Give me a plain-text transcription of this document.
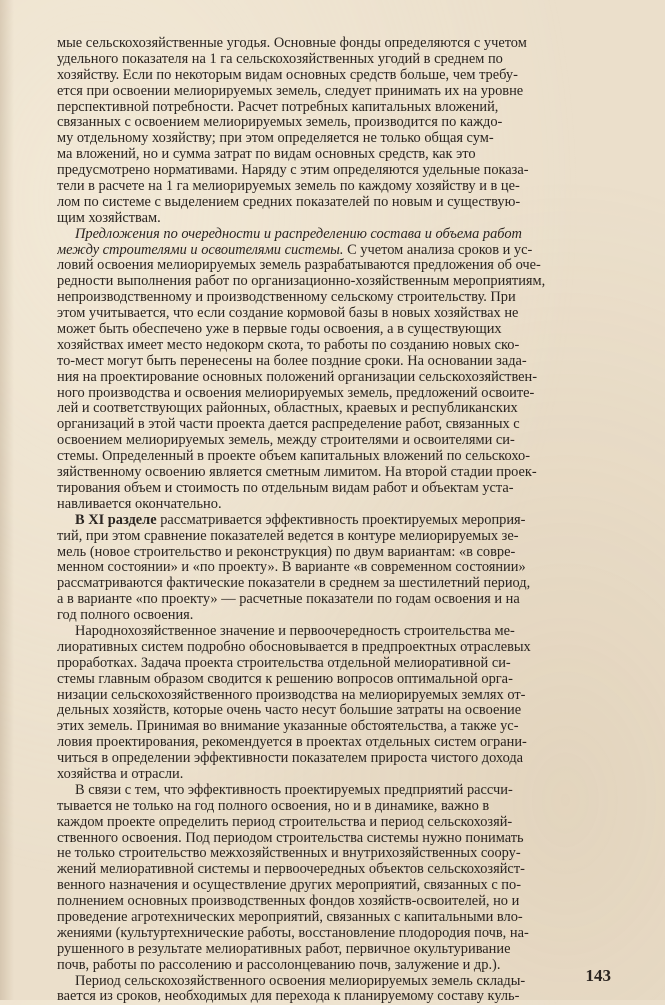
мые сельскохозяйственные угодья. Основные фонды определяются с учетом
удельного показателя на 1 га сельскохозяйственных угодий в среднем по
хозяйству. Если по некоторым видам основных средств больше, чем требу-
ется при освоении мелиорируемых земель, следует принимать их на уровне
перспективной потребности. Расчет потребных капитальных вложений,
связанных с освоением мелиорируемых земель, производится по каждо-
му отдельному хозяйству; при этом определяется не только общая сум-
ма вложений, но и сумма затрат по видам основных средств, как это
предусмотрено нормативами. Наряду с этим определяются удельные показа-
тели в расчете на 1 га мелиорируемых земель по каждому хозяйству и в це-
лом по системе с выделением средних показателей по новым и существую-
щим хозяйствам.
Предложения по очередности и распределению состава и объема работ
между строителями и освоителями системы. С учетом анализа сроков и ус-
ловий освоения мелиорируемых земель разрабатываются предложения об оче-
редности выполнения работ по организационно-хозяйственным мероприятиям,
непроизводственному и производственному сельскому строительству. При
этом учитывается, что если создание кормовой базы в новых хозяйствах не
может быть обеспечено уже в первые годы освоения, а в существующих
хозяйствах имеет место недокорм скота, то работы по созданию новых ско-
то-мест могут быть перенесены на более поздние сроки. На основании зада-
ния на проектирование основных положений организации сельскохозяйствен-
ного производства и освоения мелиорируемых земель, предложений освоите-
лей и соответствующих районных, областных, краевых и республиканских
организаций в этой части проекта дается распределение работ, связанных с
освоением мелиорируемых земель, между строителями и освоителями си-
стемы. Определенный в проекте объем капитальных вложений по сельскохо-
зяйственному освоению является сметным лимитом. На второй стадии проек-
тирования объем и стоимость по отдельным видам работ и объектам уста-
навливается окончательно.
В XI разделе рассматривается эффективность проектируемых мероприя-
тий, при этом сравнение показателей ведется в контуре мелиорируемых зе-
мель (новое строительство и реконструкция) по двум вариантам: «в совре-
менном состоянии» и «по проекту». В варианте «в современном состоянии»
рассматриваются фактические показатели в среднем за шестилетний период,
а в варианте «по проекту» — расчетные показатели по годам освоения и на
год полного освоения.
Народнохозяйственное значение и первоочередность строительства ме-
лиоративных систем подробно обосновывается в предпроектных отраслевых
проработках. Задача проекта строительства отдельной мелиоративной си-
стемы главным образом сводится к решению вопросов оптимальной орга-
низации сельскохозяйственного производства на мелиорируемых землях от-
дельных хозяйств, которые очень часто несут большие затраты на освоение
этих земель. Принимая во внимание указанные обстоятельства, а также ус-
ловия проектирования, рекомендуется в проектах отдельных систем ограни-
читься в определении эффективности показателем прироста чистого дохода
хозяйства и отрасли.
В связи с тем, что эффективность проектируемых предприятий рассчи-
тывается не только на год полного освоения, но и в динамике, важно в
каждом проекте определить период строительства и период сельскохозяй-
ственного освоения. Под периодом строительства системы нужно понимать
не только строительство межхозяйственных и внутрихозяйственных соору-
жений мелиоративной системы и первоочередных объектов сельскохозяйст-
венного назначения и осуществление других мероприятий, связанных с по-
полнением основных производственных фондов хозяйств-освоителей, но и
проведение агротехнических мероприятий, связанных с капитальными вло-
жениями (культуртехнические работы, восстановление плодородия почв, на-
рушенного в результате мелиоративных работ, первичное окультуривание
почв, работы по рассолению и рассолонцеванию почв, залужение и др.).
Период сельскохозяйственного освоения мелиорируемых земель склады-
вается из сроков, необходимых для перехода к планируемому составу куль-
143
